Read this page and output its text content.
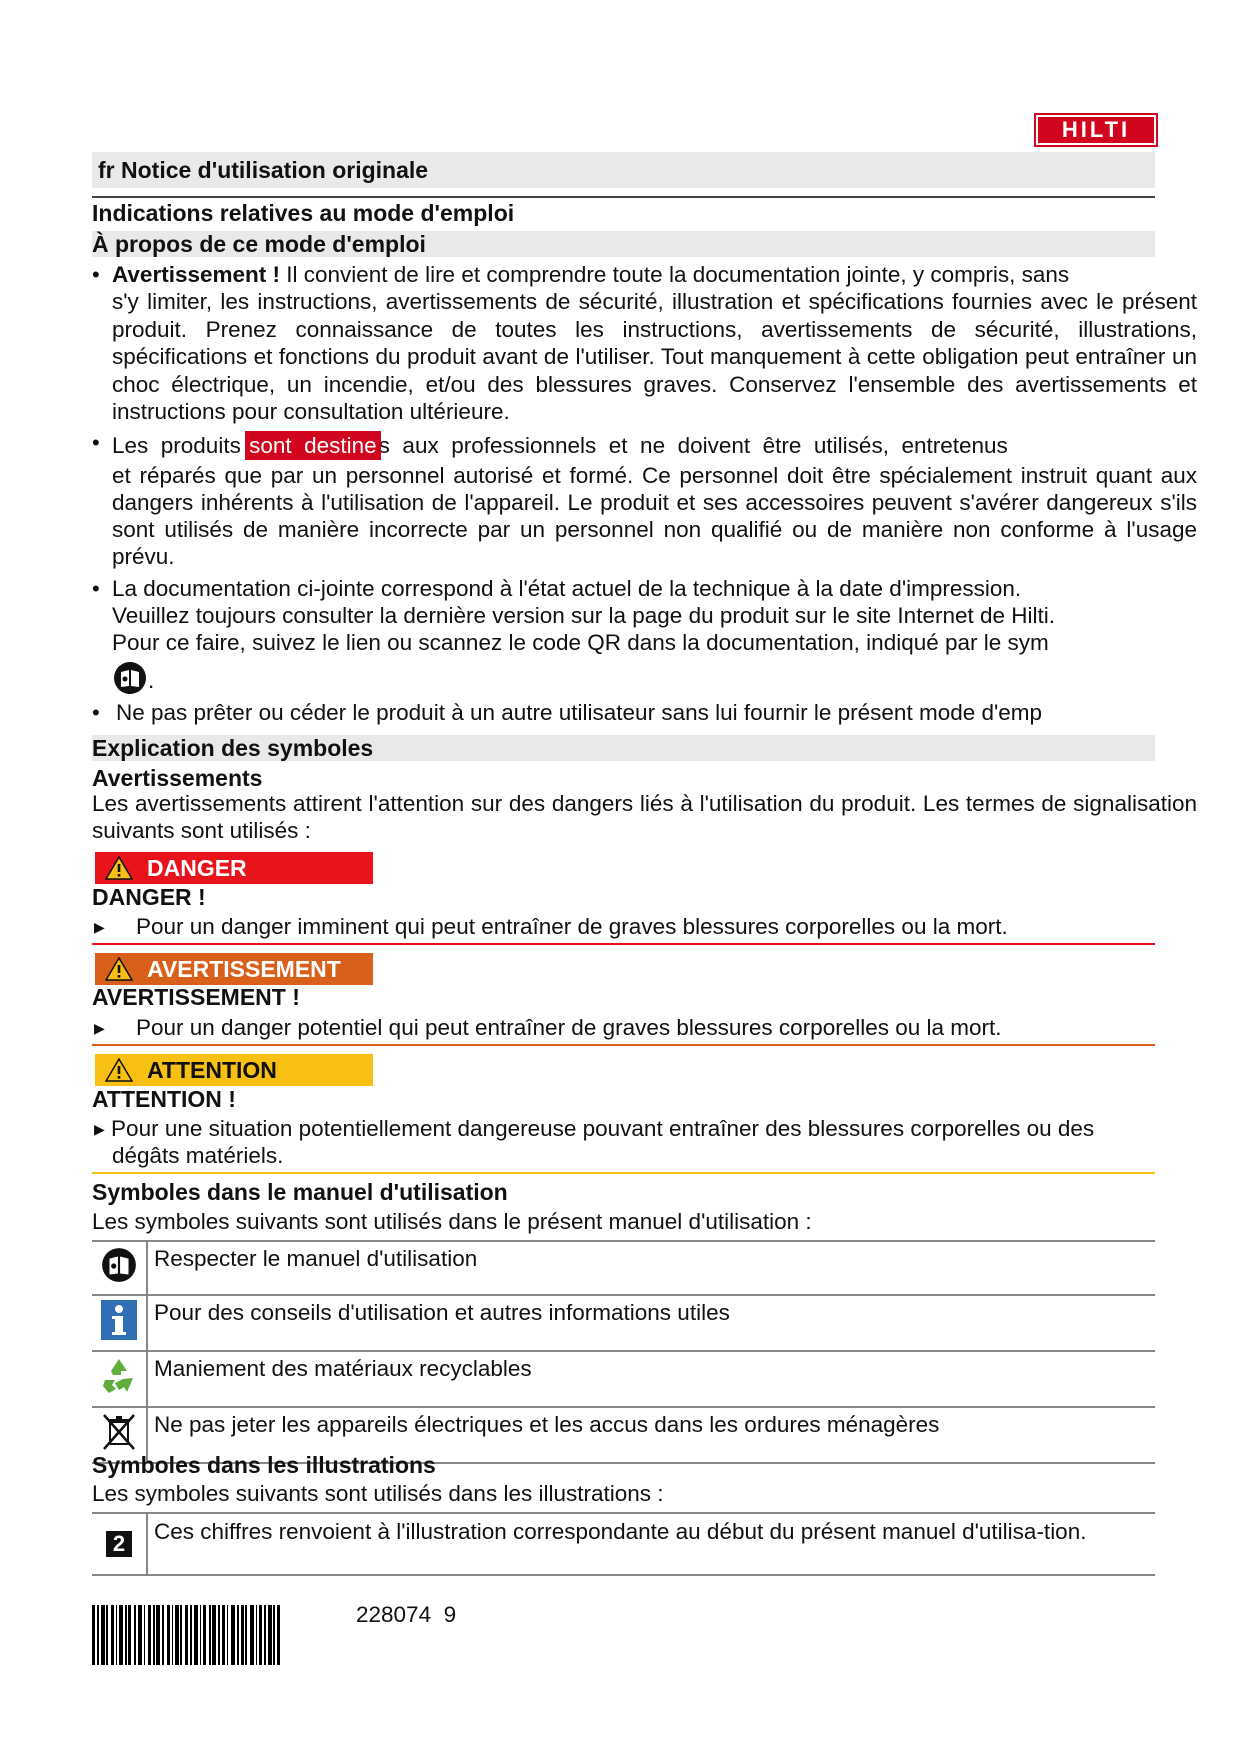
HILTI
fr Notice d'utilisation originale
Indications relatives au mode d'emploi
À propos de ce mode d'emploi
• Avertissement ! Il convient de lire et comprendre toute la documentation jointe, y compris, sans
s'y limiter, les instructions, avertissements de sécurité, illustration et spécifications fournies avec le présent produit. Prenez connaissance de toutes les instructions, avertissements de sécurité, illustrations, spécifications et fonctions du produit avant de l'utiliser. Tout manquement à cette obligation peut entraîner un choc électrique, un incendie, et/ou des blessures graves. Conservez l'ensemble des avertissements et instructions pour consultation ultérieure.
• Les  produits sont  destines  aux  professionnels  et  ne  doivent  être  utilisés,  entretenus
et réparés que par un personnel autorisé et formé. Ce personnel doit être spécialement instruit quant aux dangers inhérents à l'utilisation de l'appareil. Le produit et ses accessoires peuvent s'avérer dangereux s'ils sont utilisés de manière incorrecte par un personnel non qualifié ou de manière non conforme à l'usage prévu.
• La documentation ci-jointe correspond à l'état actuel de la technique à la date d'impression.
Veuillez toujours consulter la dernière version sur la page du produit sur le site Internet de Hilti.
Pour ce faire, suivez le lien ou scannez le code QR dans la documentation, indiqué par le sym
.
• Ne pas prêter ou céder le produit à un autre utilisateur sans lui fournir le présent mode d'emp
Explication des symboles
Avertissements
Les avertissements attirent l'attention sur des dangers liés à l'utilisation du produit. Les termes de signalisation suivants sont utilisés :
DANGER
DANGER !
▶ Pour un danger imminent qui peut entraîner de graves blessures corporelles ou la mort.
AVERTISSEMENT
AVERTISSEMENT !
▶ Pour un danger potentiel qui peut entraîner de graves blessures corporelles ou la mort.
ATTENTION
ATTENTION !
▶ Pour une situation potentiellement dangereuse pouvant entraîner des blessures corporelles ou des
dégâts matériels.
Symboles dans le manuel d'utilisation
Les symboles suivants sont utilisés dans le présent manuel d'utilisation :
	Respecter le manuel d'utilisation
	Pour des conseils d'utilisation et autres informations utiles
	Maniement des matériaux recyclables
	Ne pas jeter les appareils électriques et les accus dans les ordures ménagères
Symboles dans les illustrations
Les symboles suivants sont utilisés dans les illustrations :
2	Ces chiffres renvoient à l'illustration correspondante au début du présent manuel d'utilisa-tion.
228074  9
